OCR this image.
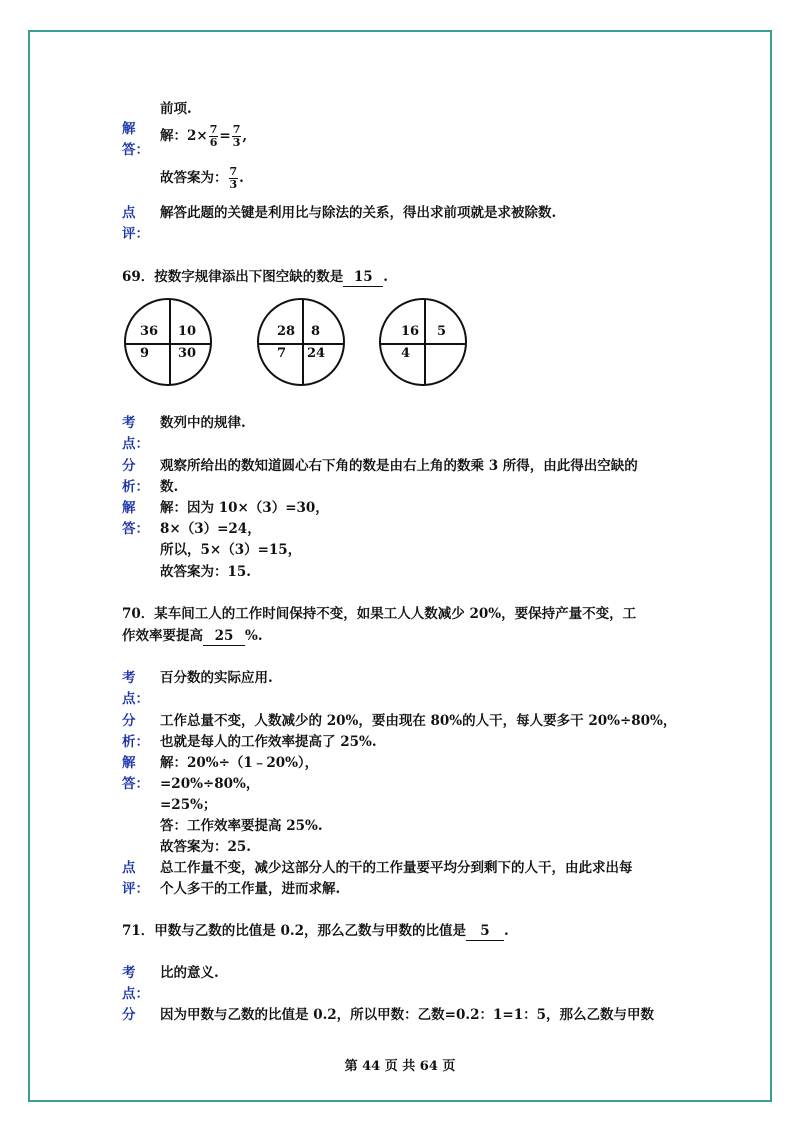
前项.
解
答：
解：$2\times \frac{7}{6} = \frac{7}{3}$ ,
故答案为： $\frac{7}{3}$ .
点
评：
解答此题的关键是利用比与除法的关系，得出求前项就是求被除数.
69．按数字规律添出下图空缺的数是 15 .
36 10
9 30
28 8
7 24
16 5
4
考
点：
数列中的规律.
分
析：
观察所给出的数知道圆心右下角的数是由右上角的数乘 3 所得，由此得出空缺的
数.
解
答：
解：因为 10×（3）=30，
8×（3）=24，
所以，5×（3）=15，
故答案为：15.
70．某车间工人的工作时间保持不变，如果工人人数减少 20%，要保持产量不变，工
作效率要提高 25 %.
考
点：
百分数的实际应用.
分
析：
工作总量不变，人数减少的 20%，要由现在 80%的人干，每人要多干 20%÷80%，
也就是每人的工作效率提高了 25%.
解
答：
解：20%÷（1﹣20%），
=20%÷80%，
=25%；
答：工作效率要提高 25%.
故答案为：25.
点
评：
总工作量不变，减少这部分人的干的工作量要平均分到剩下的人干，由此求出每
个人多干的工作量，进而求解.
71．甲数与乙数的比值是 0.2，那么乙数与甲数的比值是 5 .
考
点：
比的意义.
分 因为甲数与乙数的比值是 0.2，所以甲数：乙数=0.2：1=1：5，那么乙数与甲数
第 44 页 共 64 页
